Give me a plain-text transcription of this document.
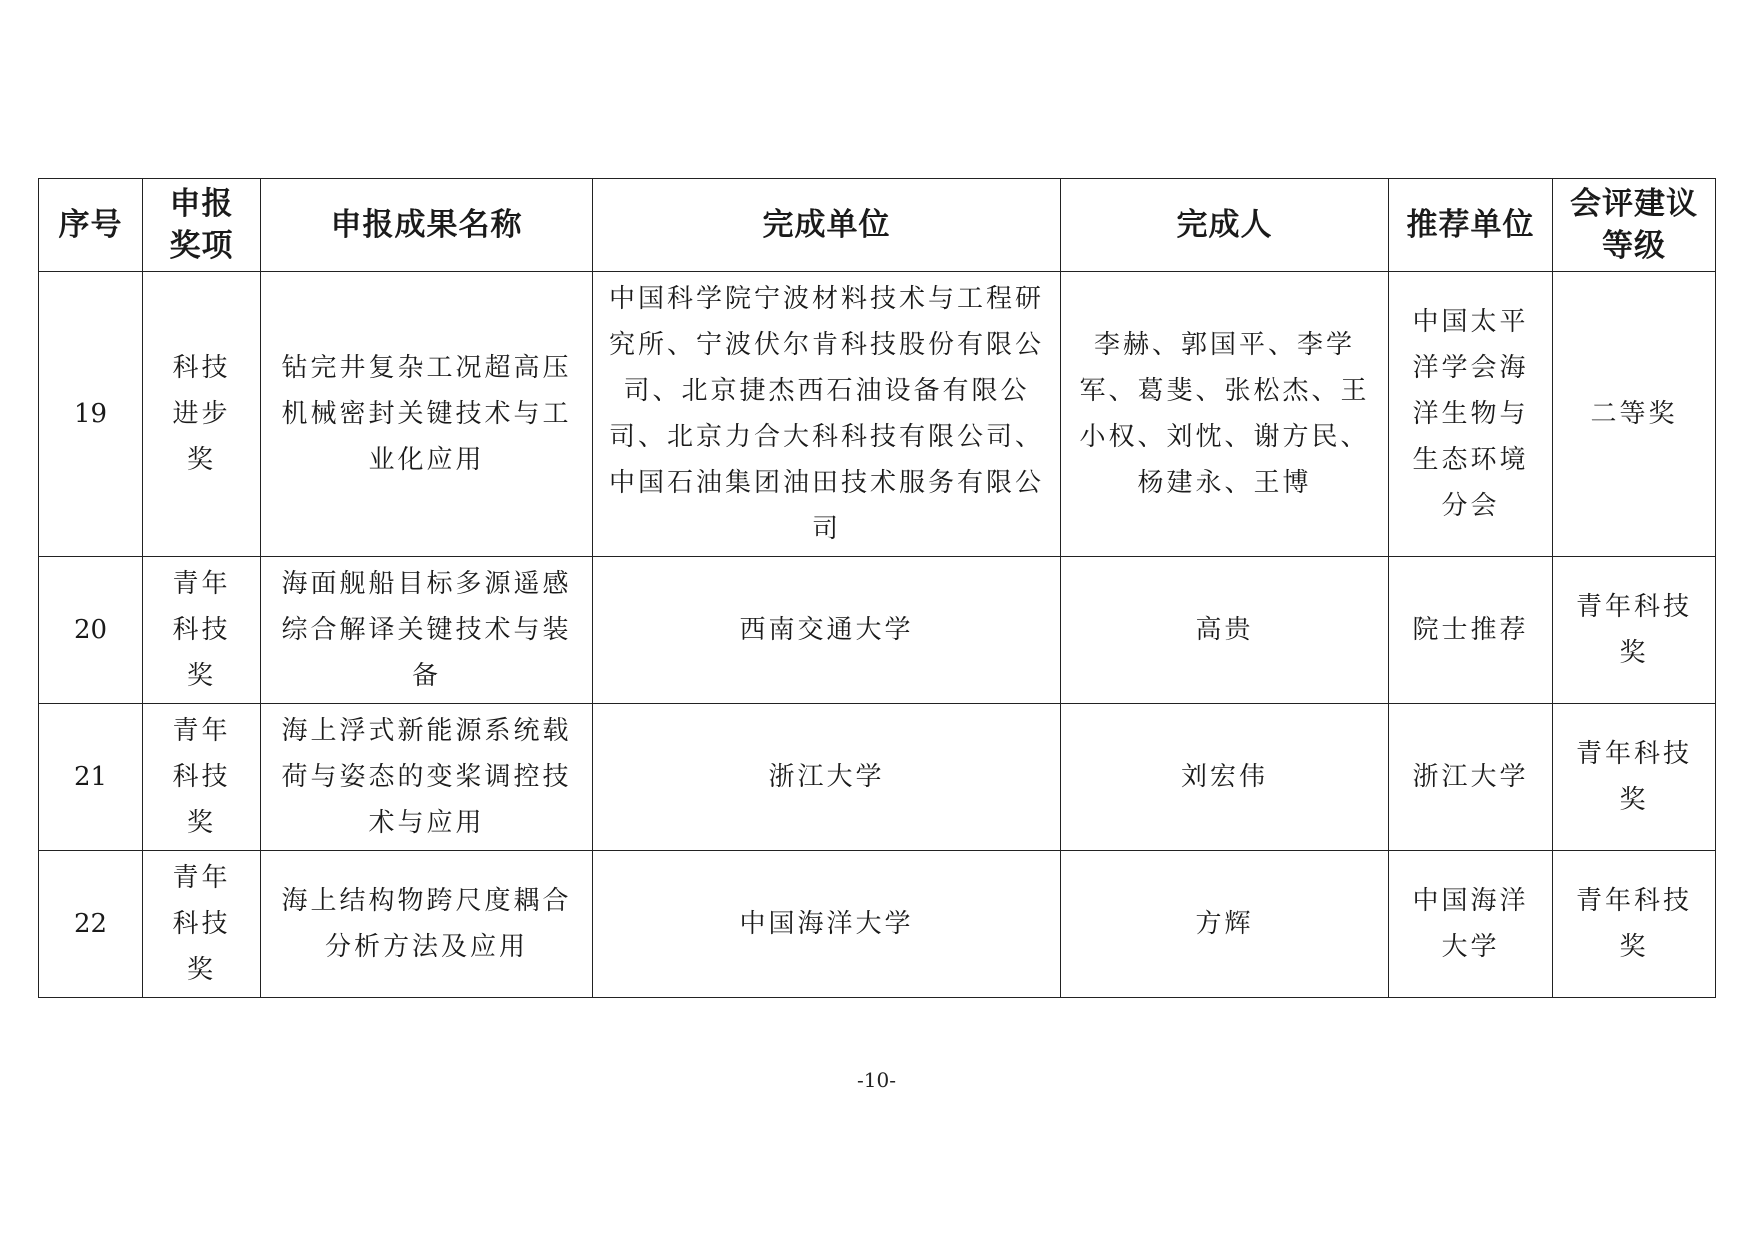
序号	申报奖项	申报成果名称	完成单位	完成人	推荐单位	会评建议等级
19	科技进步奖	钻完井复杂工况超高压机械密封关键技术与工业化应用	中国科学院宁波材料技术与工程研究所、宁波伏尔肯科技股份有限公司、北京捷杰西石油设备有限公司、北京力合大科科技有限公司、中国石油集团油田技术服务有限公司	李赫、郭国平、李学军、葛斐、张松杰、王小权、刘忱、谢方民、杨建永、王博	中国太平洋学会海洋生物与生态环境分会	二等奖
20	青年科技奖	海面舰船目标多源遥感综合解译关键技术与装备	西南交通大学	高贵	院士推荐	青年科技奖
21	青年科技奖	海上浮式新能源系统载荷与姿态的变桨调控技术与应用	浙江大学	刘宏伟	浙江大学	青年科技奖
22	青年科技奖	海上结构物跨尺度耦合分析方法及应用	中国海洋大学	方辉	中国海洋大学	青年科技奖
-10-
